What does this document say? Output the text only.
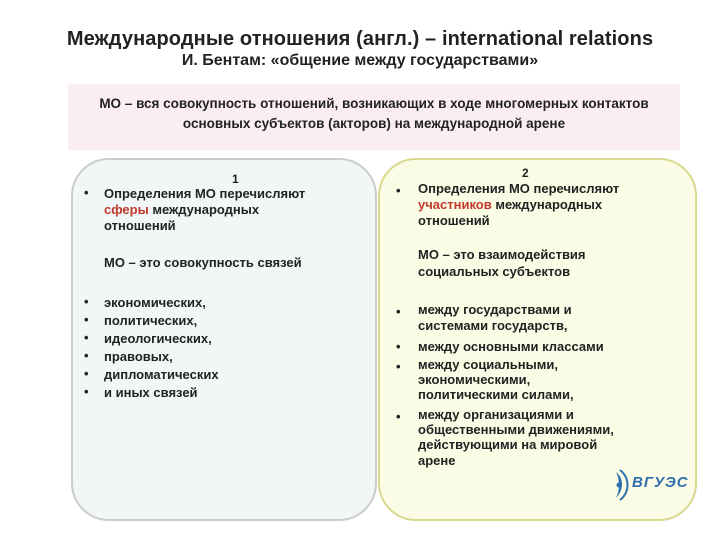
Международные отношения (англ.) – international relations
И. Бентам: «общение между государствами»
МО – вся совокупность отношений, возникающих в ходе многомерных контактов
основных субъектов (акторов) на международной арене
1
• Определения МО перечисляют
сферы международных
отношений
МО – это совокупность связей
• экономических,
• политических,
• идеологических,
• правовых,
• дипломатических
• и иных связей
2
• Определения МО перечисляют
участников международных
отношений
МО – это взаимодействия
социальных субъектов
• между государствами и
системами государств,
• между основными классами
• между социальными,
экономическими,
политическими силами,
• между организациями и
общественными движениями,
действующими на мировой
арене
ВГУЭС
